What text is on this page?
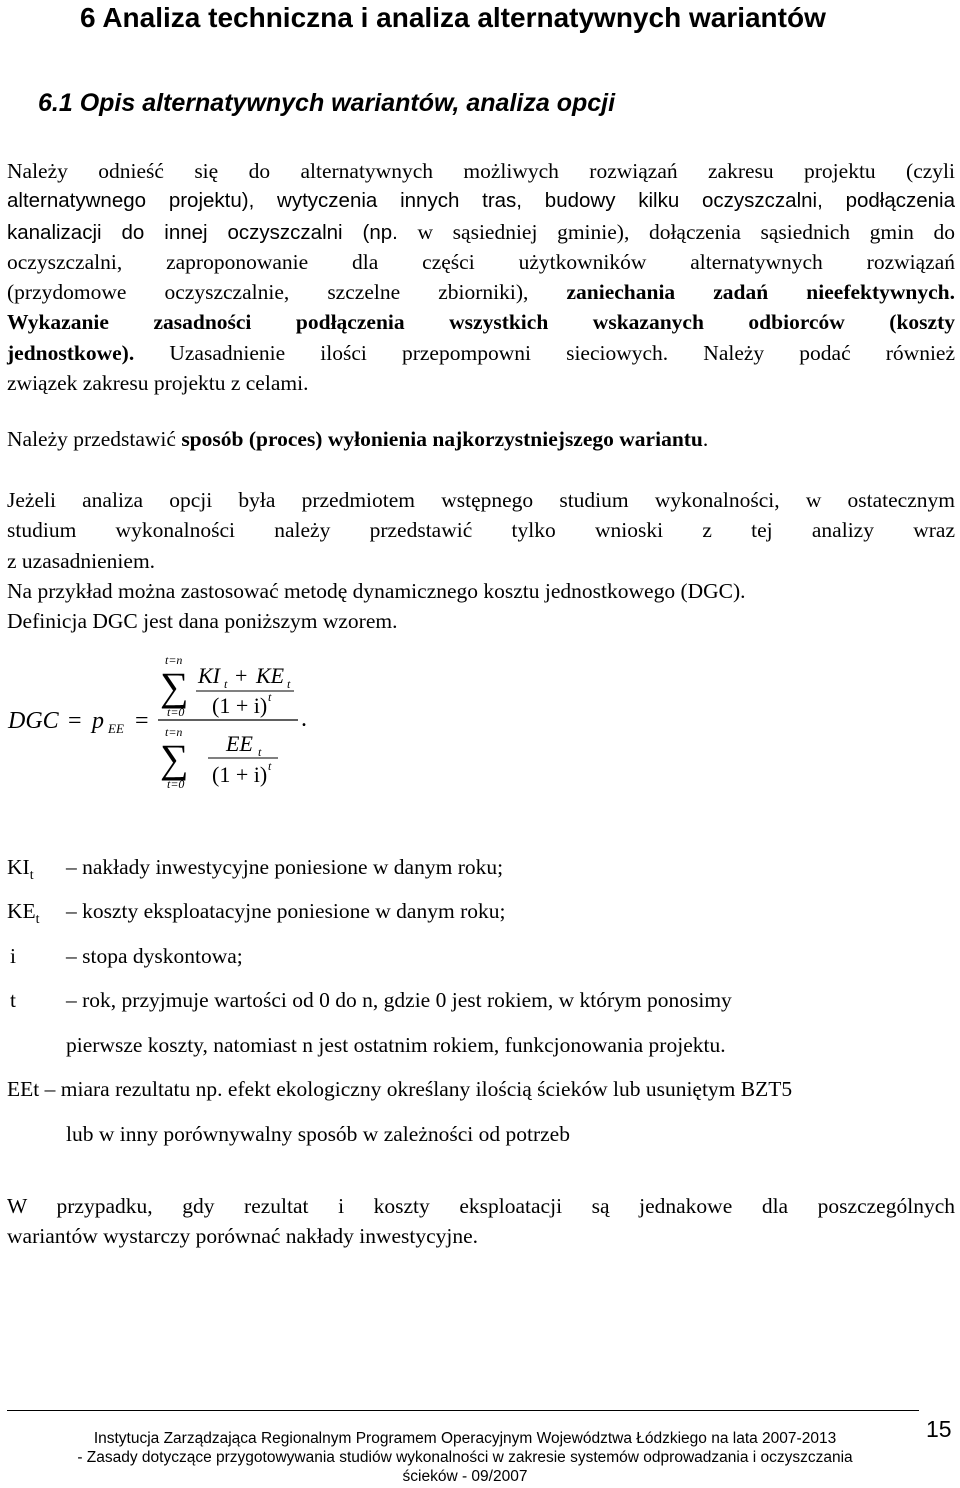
6 Analiza techniczna i analiza alternatywnych wariantów
6.1 Opis alternatywnych wariantów, analiza opcji
Należy odnieść się do alternatywnych możliwych rozwiązań zakresu projektu (czyli
alternatywnego projektu), wytyczenia innych tras, budowy kilku oczyszczalni, podłączenia
kanalizacji do innej oczyszczalni (np. w sąsiedniej gminie), dołączenia sąsiednich gmin do
oczyszczalni, zaproponowanie dla części użytkowników alternatywnych rozwiązań
(przydomowe oczyszczalnie, szczelne zbiorniki), zaniechania zadań nieefektywnych.
Wykazanie zasadności podłączenia wszystkich wskazanych odbiorców (koszty
jednostkowe). Uzasadnienie ilości przepompowni sieciowych. Należy podać również
związek zakresu projektu z celami.
Należy przedstawić sposób (proces) wyłonienia najkorzystniejszego wariantu.
Jeżeli analiza opcji była przedmiotem wstępnego studium wykonalności, w ostatecznym
studium wykonalności należy przedstawić tylko wnioski z tej analizy wraz
z uzasadnieniem.
Na przykład można zastosować metodę dynamicznego kosztu jednostkowego (DGC).
Definicja DGC jest dana poniższym wzorem.
DGC = p EE =
t=n
∑
t=0
KI t + KE t
(1 + i) t
t=n
∑
t=0
EE t
(1 + i) t
.
$KI_t$ – nakłady inwestycyjne poniesione w danym roku;
$KE_t$ – koszty eksploatacyjne poniesione w danym roku;
i – stopa dyskontowa;
t – rok, przyjmuje wartości od 0 do n, gdzie 0 jest rokiem, w którym ponosimy
pierwsze koszty, natomiast n jest ostatnim rokiem, funkcjonowania projektu.
EEt – miara rezultatu np. efekt ekologiczny określany ilością ścieków lub usuniętym BZT5
lub w inny porównywalny sposób w zależności od potrzeb
W przypadku, gdy rezultat i koszty eksploatacji są jednakowe dla poszczególnych
wariantów wystarczy porównać nakłady inwestycyjne.
Instytucja Zarządzająca Regionalnym Programem Operacyjnym Województwa Łódzkiego na lata 2007-2013
- Zasady dotyczące przygotowywania studiów wykonalności w zakresie systemów odprowadzania i oczyszczania
ścieków - 09/2007
15
